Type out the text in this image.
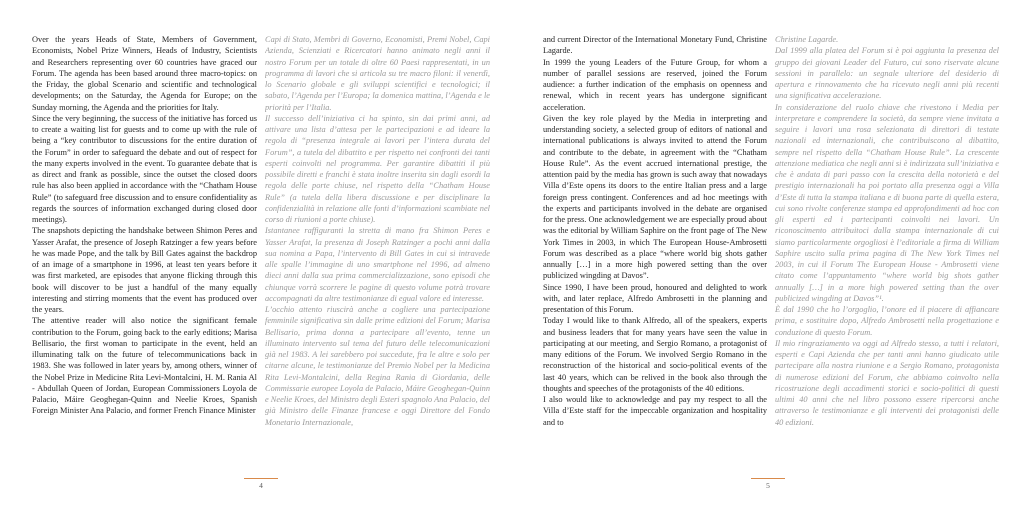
Over the years Heads of State, Members of Government, Economists, Nobel Prize Winners, Heads of Industry, Scientists and Researchers representing over 60 countries have graced our Forum. The agenda has been based around three macro-topics: on the Friday, the global Scenario and scientific and technological developments; on the Saturday, the Agenda for Europe; on the Sunday morning, the Agenda and the priorities for Italy.

Since the very beginning, the success of the initiative has forced us to create a waiting list for guests and to come up with the rule of being a “key contributor to discussions for the entire duration of the Forum” in order to safeguard the debate and out of respect for the many experts involved in the event. To guarantee debate that is as direct and frank as possible, since the outset the closed doors rule has also been applied in accordance with the “Chatham House Rule” (to safeguard free discussion and to ensure confidentiality as regards the sources of information exchanged during closed door meetings).

The snapshots depicting the handshake between Shimon Peres and Yasser Arafat, the presence of Joseph Ratzinger a few years before he was made Pope, and the talk by Bill Gates against the backdrop of an image of a smartphone in 1996, at least ten years before it was first marketed, are episodes that anyone flicking through this book will discover to be just a handful of the many equally interesting and stirring moments that the event has produced over the years.

The attentive reader will also notice the significant female contribution to the Forum, going back to the early editions; Marisa Bellisario, the first woman to participate in the event, held an illuminating talk on the future of telecommunications back in 1983. She was followed in later years by, among others, winner of the Nobel Prize in Medicine Rita Levi-Montalcini, H. M. Rania Al - Abdullah Queen of Jordan, European Commissioners Loyola de Palacio, Máire Geoghegan-Quinn and Neelie Kroes, Spanish Foreign Minister Ana Palacio, and former French Finance Minister

Capi di Stato, Membri di Governo, Economisti, Premi Nobel, Capi Azienda, Scienziati e Ricercatori hanno animato negli anni il nostro Forum per un totale di oltre 60 Paesi rappresentati, in un programma di lavori che si articola su tre macro filoni: il venerdì, lo Scenario globale e gli sviluppi scientifici e tecnologici; il sabato, l’Agenda per l’Europa; la domenica mattina, l’Agenda e le priorità per l’Italia.

Il successo dell’iniziativa ci ha spinto, sin dai primi anni, ad attivare una lista d’attesa per le partecipazioni e ad ideare la regola di “presenza integrale ai lavori per l’intera durata del Forum”, a tutela del dibattito e per rispetto nei confronti dei tanti esperti coinvolti nel programma. Per garantire dibattiti il più possibile diretti e franchi è stata inoltre inserita sin dagli esordi la regola delle porte chiuse, nel rispetto della “Chatham House Rule” (a tutela della libera discussione e per disciplinare la confidenzialità in relazione alle fonti d’informazioni scambiate nel corso di riunioni a porte chiuse).

Istantanee raffiguranti la stretta di mano fra Shimon Peres e Yasser Arafat, la presenza di Joseph Ratzinger a pochi anni dalla sua nomina a Papa, l’intervento di Bill Gates in cui si intravede alle spalle l’immagine di uno smartphone nel 1996, ad almeno dieci anni dalla sua prima commercializzazione, sono episodi che chiunque vorrà scorrere le pagine di questo volume potrà trovare accompagnati da altre testimonianze di egual valore ed interesse.

L’occhio attento riuscirà anche a cogliere una partecipazione femminile significativa sin dalle prime edizioni del Forum; Marisa Bellisario, prima donna a partecipare all’evento, tenne un illuminato intervento sul tema del futuro delle telecomunicazioni già nel 1983. A lei sarebbero poi succedute, fra le altre e solo per citarne alcune, le testimonianze del Premio Nobel per la Medicina Rita Levi-Montalcini, della Regina Rania di Giordania, delle Commissarie europee Loyola de Palacio, Máire Geoghegan-Quinn e Neelie Kroes, del Ministro degli Esteri spagnolo Ana Palacio, del già Ministro delle Finanze francese e oggi Direttore del Fondo Monetario Internazionale,

4

and current Director of the International Monetary Fund, Christine Lagarde.

In 1999 the young Leaders of the Future Group, for whom a number of parallel sessions are reserved, joined the Forum audience: a further indication of the emphasis on openness and renewal, which in recent years has undergone significant acceleration.

Given the key role played by the Media in interpreting and understanding society, a selected group of editors of national and international publications is always invited to attend the Forum and contribute to the debate, in agreement with the “Chatham House Rule”. As the event accrued international prestige, the attention paid by the media has grown is such away that nowadays Villa d’Este opens its doors to the entire Italian press and a large foreign press contingent. Conferences and ad hoc meetings with the experts and participants involved in the debate are organised for the press. One acknowledgement we are especially proud about was the editorial by William Saphire on the front page of The New York Times in 2003, in which The European House-Ambrosetti Forum was described as a place “where world big shots gather annually […] in a more high powered setting than the over publicized wingding at Davos”.

Since 1990, I have been proud, honoured and delighted to work with, and later replace, Alfredo Ambrosetti in the planning and presentation of this Forum.

Today I would like to thank Alfredo, all of the speakers, experts and business leaders that for many years have seen the value in participating at our meeting, and Sergio Romano, a protagonist of many editions of the Forum. We involved Sergio Romano in the reconstruction of the historical and socio-political events of the last 40 years, which can be relived in the book also through the thoughts and speeches of the protagonists of the 40 editions.

I also would like to acknowledge and pay my respect to all the Villa d’Este staff for the impeccable organization and hospitality and to

Christine Lagarde.

Dal 1999 alla platea del Forum si è poi aggiunta la presenza del gruppo dei giovani Leader del Futuro, cui sono riservate alcune sessioni in parallelo: un segnale ulteriore del desiderio di apertura e rinnovamento che ha ricevuto negli anni più recenti una significativa accelerazione.

In considerazione del ruolo chiave che rivestono i Media per interpretare e comprendere la società, da sempre viene invitata a seguire i lavori una rosa selezionata di direttori di testate nazionali ed internazionali, che contribuiscono al dibattito, sempre nel rispetto della “Chatham House Rule”. La crescente attenzione mediatica che negli anni si è indirizzata sull’iniziativa e che è andata di pari passo con la crescita della notorietà e del prestigio internazionali ha poi portato alla presenza oggi a Villa d’Este di tutta la stampa italiana e di buona parte di quella estera, cui sono rivolte conferenze stampa ed approfondimenti ad hoc con gli esperti ed i partecipanti coinvolti nei lavori. Un riconoscimento attribuitoci dalla stampa internazionale di cui siamo particolarmente orgogliosi è l’editoriale a firma di William Saphire uscito sulla prima pagina di The New York Times nel 2003, in cui il Forum The European House - Ambrosetti viene citato come l’appuntamento “where world big shots gather annually […] in a more high powered setting than the over publicized wingding at Davos”¹.

È dal 1990 che ho l’orgoglio, l’onore ed il piacere di affiancare prima, e sostituire dopo, Alfredo Ambrosetti nella progettazione e conduzione di questo Forum.

Il mio ringraziamento va oggi ad Alfredo stesso, a tutti i relatori, esperti e Capi Azienda che per tanti anni hanno giudicato utile partecipare alla nostra riunione e a Sergio Romano, protagonista di numerose edizioni del Forum, che abbiamo coinvolto nella ricostruzione degli accadimenti storici e socio-politici di questi ultimi 40 anni che nel libro possono essere ripercorsi anche attraverso le testimonianze e gli interventi dei protagonisti delle 40 edizioni.

5
